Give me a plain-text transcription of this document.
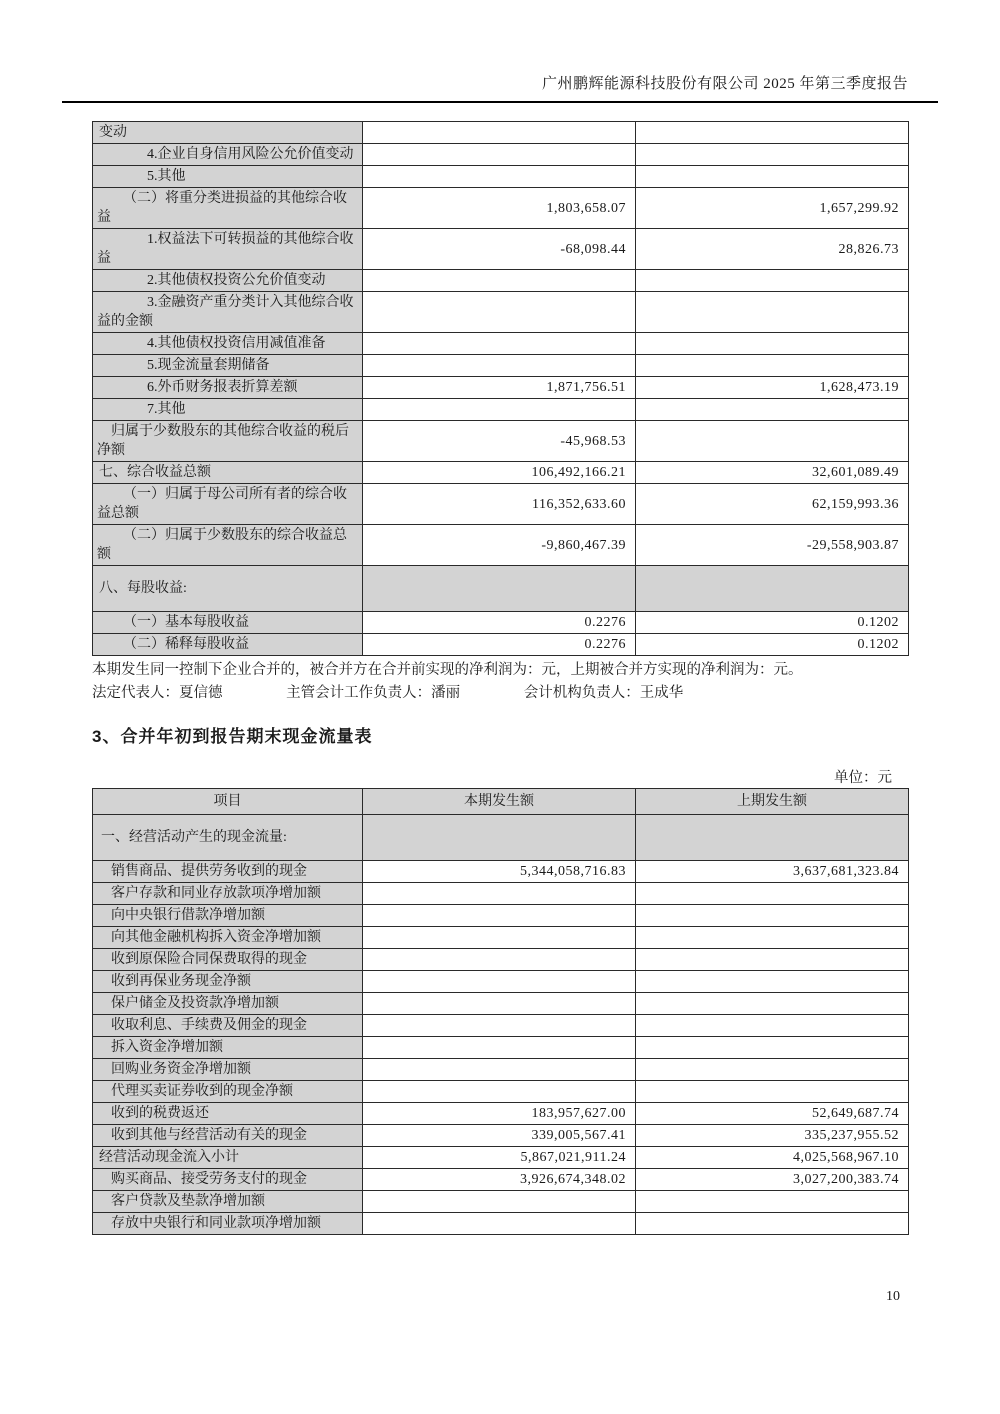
广州鹏辉能源科技股份有限公司 2025 年第三季度报告
变动		
4.企业自身信用风险公允价值变动		
5.其他		
（二）将重分类进损益的其他综合收益	1,803,658.07	1,657,299.92
1.权益法下可转损益的其他综合收益	-68,098.44	28,826.73
2.其他债权投资公允价值变动		
3.金融资产重分类计入其他综合收益的金额		
4.其他债权投资信用减值准备		
5.现金流量套期储备		
6.外币财务报表折算差额	1,871,756.51	1,628,473.19
7.其他		
归属于少数股东的其他综合收益的税后净额	-45,968.53	
七、综合收益总额	106,492,166.21	32,601,089.49
（一）归属于母公司所有者的综合收益总额	116,352,633.60	62,159,993.36
（二）归属于少数股东的综合收益总额	-9,860,467.39	-29,558,903.87
八、每股收益:		
（一）基本每股收益	0.2276	0.1202
（二）稀释每股收益	0.2276	0.1202
本期发生同一控制下企业合并的，被合并方在合并前实现的净利润为：元，上期被合并方实现的净利润为：元。
法定代表人：夏信德	主管会计工作负责人：潘丽	会计机构负责人：王成华
3、合并年初到报告期末现金流量表
单位：元
项目	本期发生额	上期发生额
一、经营活动产生的现金流量:		
销售商品、提供劳务收到的现金	5,344,058,716.83	3,637,681,323.84
客户存款和同业存放款项净增加额		
向中央银行借款净增加额		
向其他金融机构拆入资金净增加额		
收到原保险合同保费取得的现金		
收到再保业务现金净额		
保户储金及投资款净增加额		
收取利息、手续费及佣金的现金		
拆入资金净增加额		
回购业务资金净增加额		
代理买卖证券收到的现金净额		
收到的税费返还	183,957,627.00	52,649,687.74
收到其他与经营活动有关的现金	339,005,567.41	335,237,955.52
经营活动现金流入小计	5,867,021,911.24	4,025,568,967.10
购买商品、接受劳务支付的现金	3,926,674,348.02	3,027,200,383.74
客户贷款及垫款净增加额		
存放中央银行和同业款项净增加额		
10
